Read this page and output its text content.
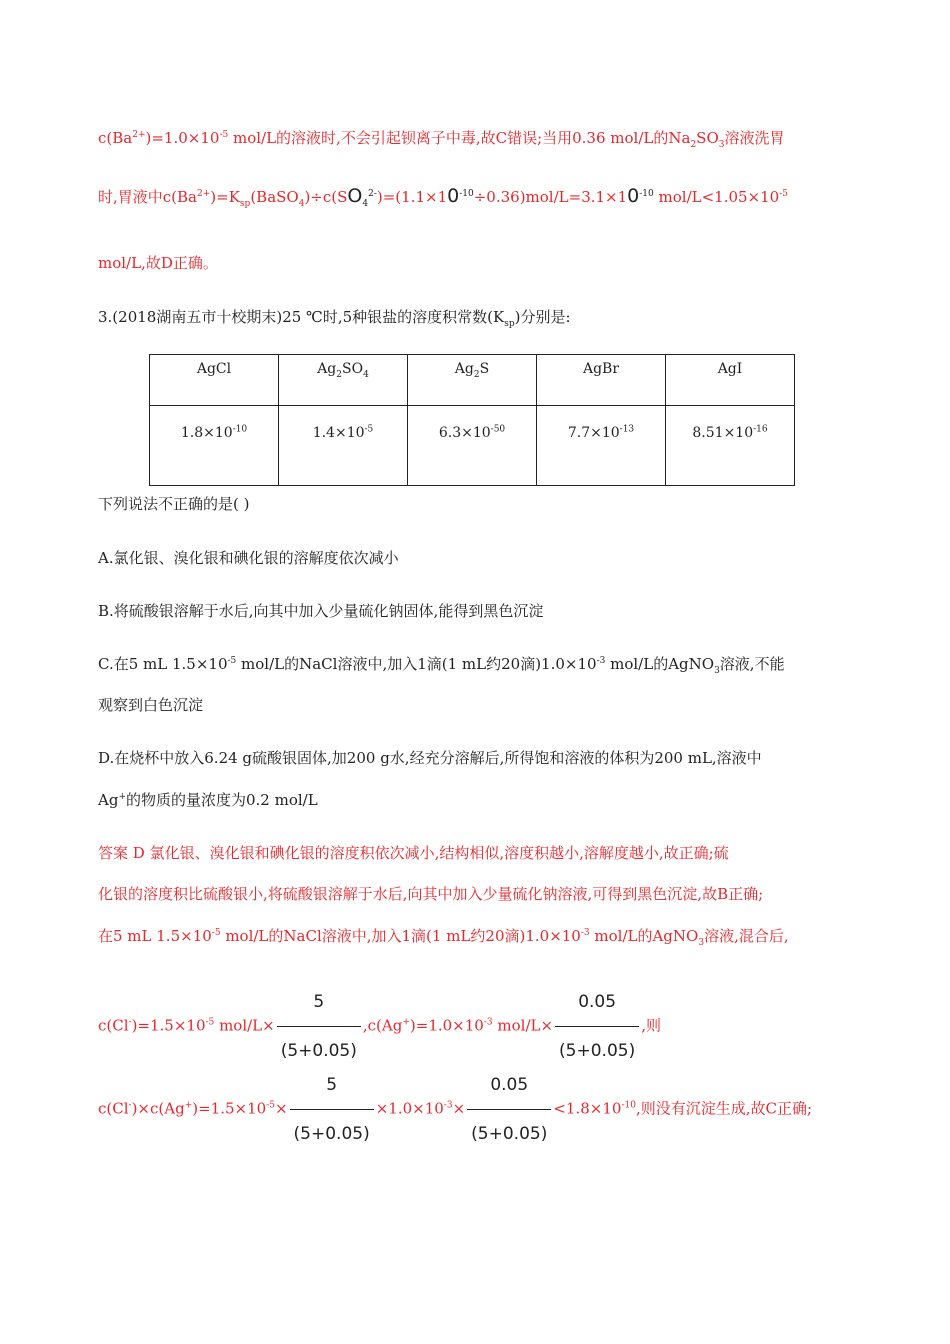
$c(Ba^{2+})=1.0\times 10^{-5}$ mol/L的溶液时,不会引起钡离子中毒,故C错误;当用0.36 mol/L的$Na_2SO_3$溶液洗胃
时,胃液中$c(Ba^{2+})=K_{sp}(BaSO_4)\div c(SO_4^{2-})=(1.1\times 10^{-10}\div 0.36)mol/L=3.1\times 10^{-10}$ mol/$L<1.05\times 10^{-5}$
mol/L,故D正确。
3.(2018湖南五市十校期末)25 ℃时,5种银盐的溶度积常数$(K_{sp})$分别是:
AgCl	$Ag_2SO_4$	$Ag_2S$	AgBr	AgI
$1.8\times 10^{-10}$	$1.4\times 10^{-5}$	$6.3\times 10^{-50}$	$7.7\times 10^{-13}$	$8.51\times 10^{-16}$
下列说法不正确的是( )
A.氯化银、溴化银和碘化银的溶解度依次减小
B.将硫酸银溶解于水后,向其中加入少量硫化钠固体,能得到黑色沉淀
C.在5 mL $1.5\times 10^{-5}$ mol/L的NaCl溶液中,加入1滴(1 mL约20滴)$1.0\times 10^{-3}$ mol/L的AgNO$_3$溶液,不能
观察到白色沉淀
D.在烧杯中放入6.24 g硫酸银固体,加200 g水,经充分溶解后,所得饱和溶液的体积为200 mL,溶液中
Ag+的物质的量浓度为0.2 mol/L
答案 D 氯化银、溴化银和碘化银的溶度积依次减小,结构相似,溶度积越小,溶解度越小,故正确;硫
化银的溶度积比硫酸银小,将硫酸银溶解于水后,向其中加入少量硫化钠溶液,可得到黑色沉淀,故B正确;
在5 mL $1.5\times 10^{-5}$ mol/L的NaCl溶液中,加入1滴(1 mL约20滴)$1.0\times 10^{-3}$ mol/L的AgNO$_3$溶液,混合后,
$c(Cl^-)=1.5\times 10^{-5}$ $mol/L\times \frac{5}{(5+0.05)} ,c(Ag^+)=1.0\times 10^{-3}$ $mol/L\times \frac{0.05}{(5+0.05)}$ ,则
$c(Cl^-)\times c(Ag^+)=1.5\times 10^{-5}\times \frac{5}{(5+0.05)} \times 1.0\times 10^{-3}\times \frac{0.05}{(5+0.05)} <1.8\times 10^{-10}$,则没有沉淀生成,故C正确;
